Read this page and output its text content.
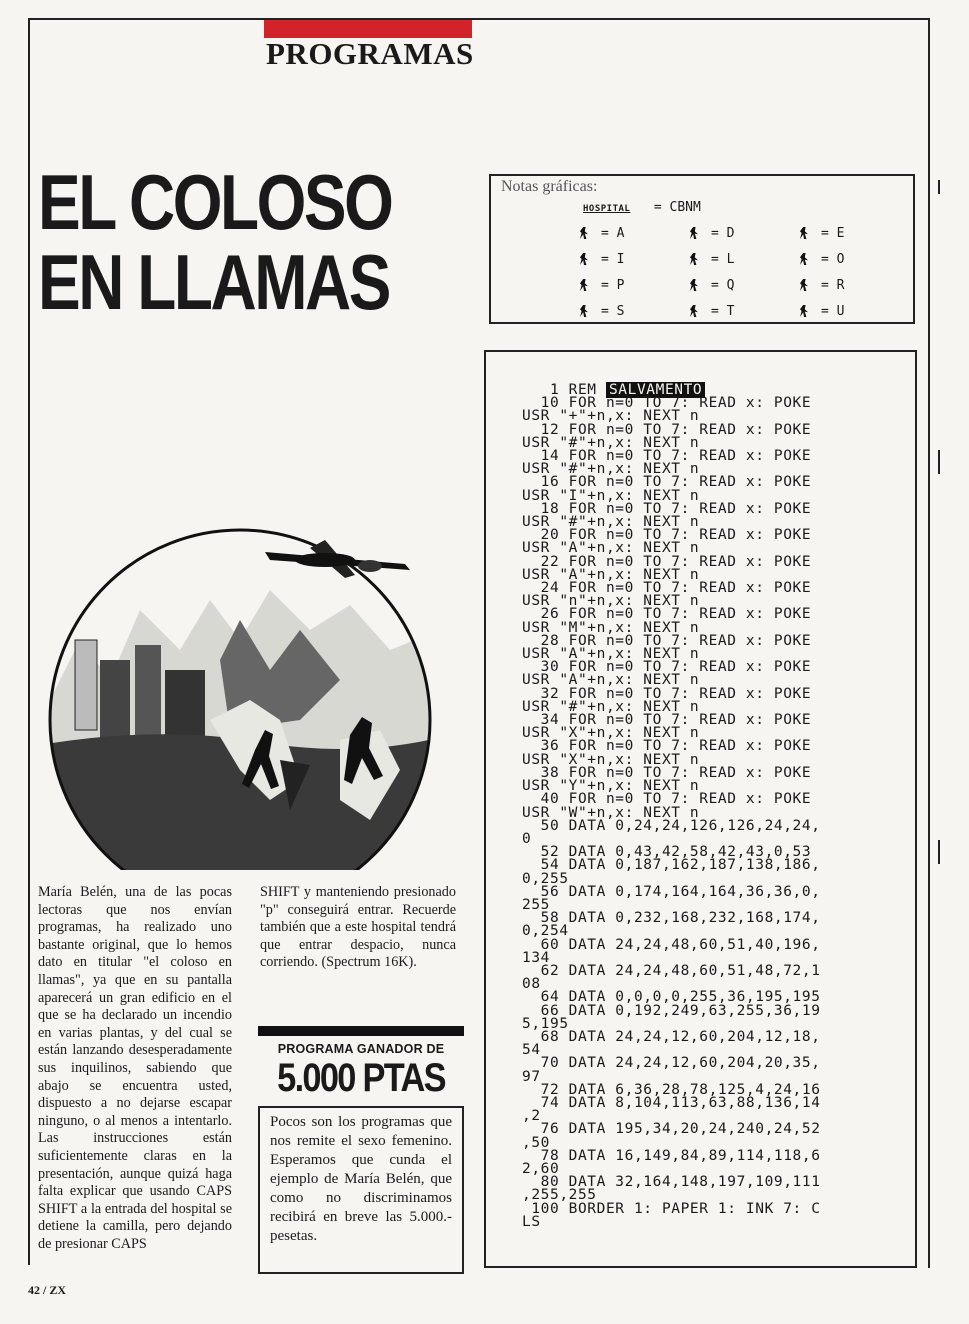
PROGRAMAS
EL COLOSO
EN LLAMAS
Notas gráficas:
HOSPITAL = CBNM
= A	= D	= E
= I	= L	= O
= P	= Q	= R
= S	= T	= U
María Belén, una de las pocas lectoras que nos envían programas, ha realizado uno bastante original, que lo hemos dato en titular "el coloso en llamas", ya que en su pantalla aparecerá un gran edificio en el que se ha declarado un incendio en varias plantas, y del cual se están lanzando desesperadamente sus inquilinos, sabiendo que abajo se encuentra usted, dispuesto a no dejarse escapar ninguno, o al menos a intentarlo. Las instrucciones están suficientemente claras en la presentación, aunque quizá haga falta explicar que usando CAPS SHIFT a la entrada del hospital se detiene la camilla, pero dejando de presionar CAPS
SHIFT y manteniendo presionado "p" conseguirá entrar. Recuerde también que a este hospital tendrá que entrar despacio, nunca corriendo. (Spectrum 16K).
PROGRAMA GANADOR DE
5.000 PTAS
Pocos son los programas que nos remite el sexo femenino. Esperamos que cunda el ejemplo de María Belén, que como no discriminamos recibirá en breve las 5.000.- pesetas.
1 REM SALVAMENTO
10 FOR n=0 TO 7: READ x: POKE
USR "+"+n,x: NEXT n
12 FOR n=0 TO 7: READ x: POKE
USR "#"+n,x: NEXT n
14 FOR n=0 TO 7: READ x: POKE
USR "#"+n,x: NEXT n
16 FOR n=0 TO 7: READ x: POKE
USR "I"+n,x: NEXT n
18 FOR n=0 TO 7: READ x: POKE
USR "#"+n,x: NEXT n
20 FOR n=0 TO 7: READ x: POKE
USR "A"+n,x: NEXT n
22 FOR n=0 TO 7: READ x: POKE
USR "A"+n,x: NEXT n
24 FOR n=0 TO 7: READ x: POKE
USR "n"+n,x: NEXT n
26 FOR n=0 TO 7: READ x: POKE
USR "M"+n,x: NEXT n
28 FOR n=0 TO 7: READ x: POKE
USR "A"+n,x: NEXT n
30 FOR n=0 TO 7: READ x: POKE
USR "A"+n,x: NEXT n
32 FOR n=0 TO 7: READ x: POKE
USR "#"+n,x: NEXT n
34 FOR n=0 TO 7: READ x: POKE
USR "X"+n,x: NEXT n
36 FOR n=0 TO 7: READ x: POKE
USR "X"+n,x: NEXT n
38 FOR n=0 TO 7: READ x: POKE
USR "Y"+n,x: NEXT n
40 FOR n=0 TO 7: READ x: POKE
USR "W"+n,x: NEXT n
50 DATA 0,24,24,126,126,24,24,
0
52 DATA 0,43,42,58,42,43,0,53
54 DATA 0,187,162,187,138,186,
0,255
56 DATA 0,174,164,164,36,36,0,
255
58 DATA 0,232,168,232,168,174,
0,254
60 DATA 24,24,48,60,51,40,196,
134
62 DATA 24,24,48,60,51,48,72,1
08
64 DATA 0,0,0,0,255,36,195,195
66 DATA 0,192,249,63,255,36,19
5,195
68 DATA 24,24,12,60,204,12,18,
54
70 DATA 24,24,12,60,204,20,35,
97
72 DATA 6,36,28,78,125,4,24,16
74 DATA 8,104,113,63,88,136,14
,2
76 DATA 195,34,20,24,240,24,52
,50
78 DATA 16,149,84,89,114,118,6
2,60
80 DATA 32,164,148,197,109,111
,255,255
100 BORDER 1: PAPER 1: INK 7: C
LS
42 / ZX
